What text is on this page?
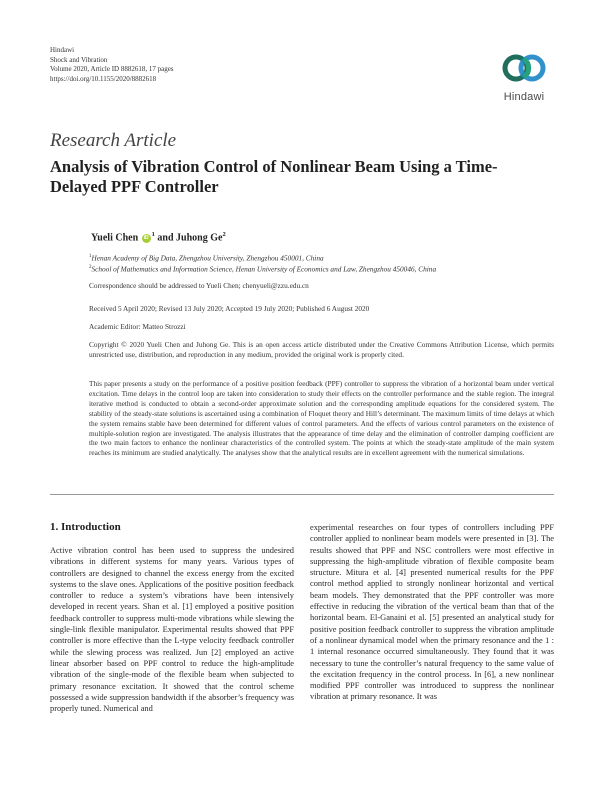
Hindawi
Shock and Vibration
Volume 2020, Article ID 8882618, 17 pages
https://doi.org/10.1155/2020/8882618
Hindawi
Research Article
Analysis of Vibration Control of Nonlinear Beam Using a Time-Delayed PPF Controller
Yueli Chen $iD^1$ and Juhong Ge$^2$
$^1$Henan Academy of Big Data, Zhengzhou University, Zhengzhou 450001, China
$^2$School of Mathematics and Information Science, Henan University of Economics and Law, Zhengzhou 450046, China
Correspondence should be addressed to Yueli Chen; chenyueli@zzu.edu.cn
Received 5 April 2020; Revised 13 July 2020; Accepted 19 July 2020; Published 6 August 2020
Academic Editor: Matteo Strozzi
Copyright © 2020 Yueli Chen and Juhong Ge. This is an open access article distributed under the Creative Commons Attribution License, which permits unrestricted use, distribution, and reproduction in any medium, provided the original work is properly cited.
This paper presents a study on the performance of a positive position feedback (PPF) controller to suppress the vibration of a horizontal beam under vertical excitation. Time delays in the control loop are taken into consideration to study their effects on the controller performance and the stable region. The integral iterative method is conducted to obtain a second-order approximate solution and the corresponding amplitude equations for the considered system. The stability of the steady-state solutions is ascertained using a combination of Floquet theory and Hill’s determinant. The maximum limits of time delays at which the system remains stable have been determined for different values of control parameters. And the effects of various control parameters on the existence of multiple-solution region are investigated. The analysis illustrates that the appearance of time delay and the elimination of controller damping coefficient are the two main factors to enhance the nonlinear characteristics of the controlled system. The points at which the steady-state amplitude of the main system reaches its minimum are studied analytically. The analyses show that the analytical results are in excellent agreement with the numerical simulations.
1. Introduction
Active vibration control has been used to suppress the undesired vibrations in different systems for many years. Various types of controllers are designed to channel the excess energy from the excited systems to the slave ones. Applications of the positive position feedback controller to reduce a system’s vibrations have been intensively developed in recent years. Shan et al. [1] employed a positive position feedback controller to suppress multi-mode vibrations while slewing the single-link flexible manipulator. Experimental results showed that PPF controller is more effective than the L-type velocity feedback controller while the slewing process was realized. Jun [2] employed an active linear absorber based on PPF control to reduce the high-amplitude vibration of the single-mode of the flexible beam when subjected to primary resonance excitation. It showed that the control scheme possessed a wide suppression bandwidth if the absorber’s frequency was properly tuned. Numerical and
experimental researches on four types of controllers including PPF controller applied to nonlinear beam models were presented in [3]. The results showed that PPF and NSC controllers were most effective in suppressing the high-amplitude vibration of flexible composite beam structure. Mitura et al. [4] presented numerical results for the PPF control method applied to strongly nonlinear horizontal and vertical beam models. They demonstrated that the PPF controller was more effective in reducing the vibration of the vertical beam than that of the horizontal beam. El-Ganaini et al. [5] presented an analytical study for positive position feedback controller to suppress the vibration amplitude of a nonlinear dynamical model when the primary resonance and the 1 : 1 internal resonance occurred simultaneously. They found that it was necessary to tune the controller’s natural frequency to the same value of the excitation frequency in the control process. In [6], a new nonlinear modified PPF controller was introduced to suppress the nonlinear vibration at primary resonance. It was
